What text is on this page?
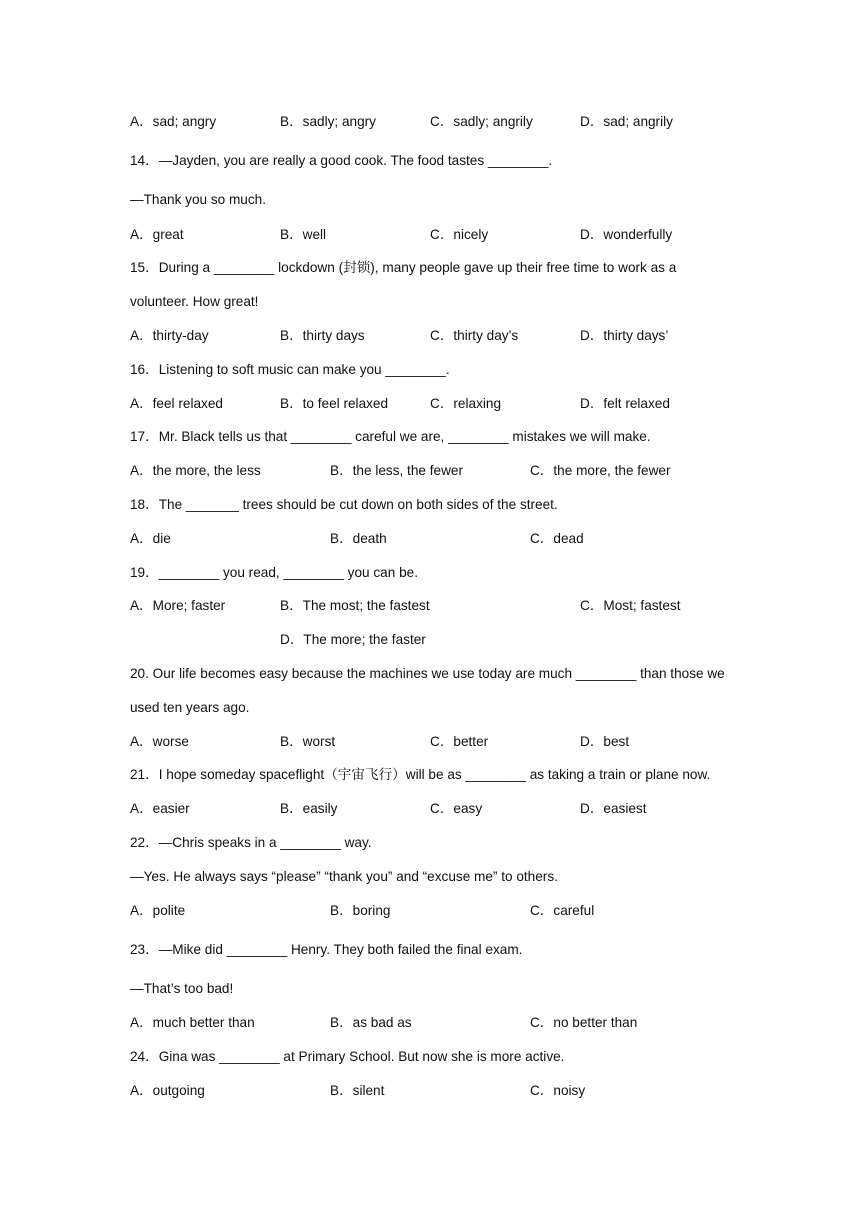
A．sad; angry	B．sadly; angry	C．sadly; angrily	D．sad; angrily
14．—Jayden, you are really a good cook. The food tastes ________.
—Thank you so much.
A．great	B．well	C．nicely	D．wonderfully
15．During a ________ lockdown (封锁), many people gave up their free time to work as a
volunteer. How great!
A．thirty-day	B．thirty days	C．thirty day’s	D．thirty days’
16．Listening to soft music can make you ________.
A．feel relaxed	B．to feel relaxed	C．relaxing	D．felt relaxed
17．Mr. Black tells us that ________ careful we are, ________ mistakes we will make.
A．the more, the less	B．the less, the fewer	C．the more, the fewer
18．The _______ trees should be cut down on both sides of the street.
A．die	B．death	C．dead
19．________ you read, ________ you can be.
A．More; faster	B．The most; the fastest	C．Most; fastest
D．The more; the faster
20. Our life becomes easy because the machines we use today are much ________ than those we
used ten years ago.
A．worse	B．worst	C．better	D．best
21．I hope someday spaceflight（宇宙飞行）will be as ________ as taking a train or plane now.
A．easier	B．easily	C．easy	D．easiest
22．—Chris speaks in a ________ way.
—Yes. He always says “please” “thank you” and “excuse me” to others.
A．polite	B．boring	C．careful
23．—Mike did ________ Henry. They both failed the final exam.
—That’s too bad!
A．much better than	B．as bad as	C．no better than
24．Gina was ________ at Primary School. But now she is more active.
A．outgoing	B．silent	C．noisy
